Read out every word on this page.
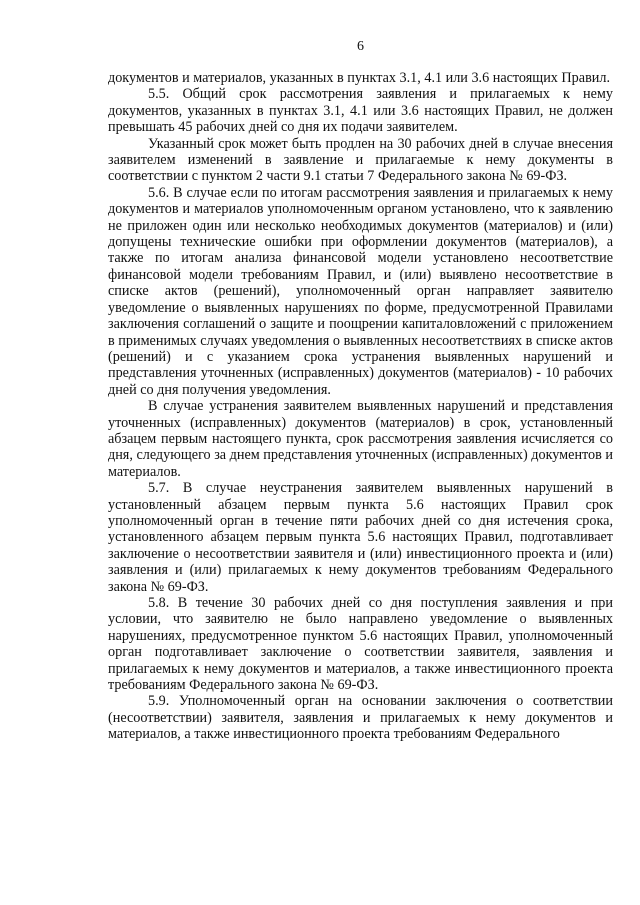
6

документов и материалов, указанных в пунктах 3.1, 4.1 или 3.6 настоящих Правил.

5.5. Общий срок рассмотрения заявления и прилагаемых к нему документов, указанных в пунктах 3.1, 4.1 или 3.6 настоящих Правил, не должен превышать 45 рабочих дней со дня их подачи заявителем.

Указанный срок может быть продлен на 30 рабочих дней в случае внесения заявителем изменений в заявление и прилагаемые к нему документы в соответствии с пунктом 2 части 9.1 статьи 7 Федерального закона № 69-ФЗ.

5.6. В случае если по итогам рассмотрения заявления и прилагаемых к нему документов и материалов уполномоченным органом установлено, что к заявлению не приложен один или несколько необходимых документов (материалов) и (или) допущены технические ошибки при оформлении документов (материалов), а также по итогам анализа финансовой модели установлено несоответствие финансовой модели требованиям Правил, и (или) выявлено несоответствие в списке актов (решений), уполномоченный орган направляет заявителю уведомление о выявленных нарушениях по форме, предусмотренной Правилами заключения соглашений о защите и поощрении капиталовложений с приложением в применимых случаях уведомления о выявленных несоответствиях в списке актов (решений) и с указанием срока устранения выявленных нарушений и представления уточненных (исправленных) документов (материалов) - 10 рабочих дней со дня получения уведомления.

В случае устранения заявителем выявленных нарушений и представления уточненных (исправленных) документов (материалов) в срок, установленный абзацем первым настоящего пункта, срок рассмотрения заявления исчисляется со дня, следующего за днем представления уточненных (исправленных) документов и материалов.

5.7. В случае неустранения заявителем выявленных нарушений в установленный абзацем первым пункта 5.6 настоящих Правил срок уполномоченный орган в течение пяти рабочих дней со дня истечения срока, установленного абзацем первым пункта 5.6 настоящих Правил, подготавливает заключение о несоответствии заявителя и (или) инвестиционного проекта и (или) заявления и (или) прилагаемых к нему документов требованиям Федерального закона № 69-ФЗ.

5.8. В течение 30 рабочих дней со дня поступления заявления и при условии, что заявителю не было направлено уведомление о выявленных нарушениях, предусмотренное пунктом 5.6 настоящих Правил, уполномоченный орган подготавливает заключение о соответствии заявителя, заявления и прилагаемых к нему документов и материалов, а также инвестиционного проекта требованиям Федерального закона № 69-ФЗ.

5.9. Уполномоченный орган на основании заключения о соответствии (несоответствии) заявителя, заявления и прилагаемых к нему документов и материалов, а также инвестиционного проекта требованиям Федерального
